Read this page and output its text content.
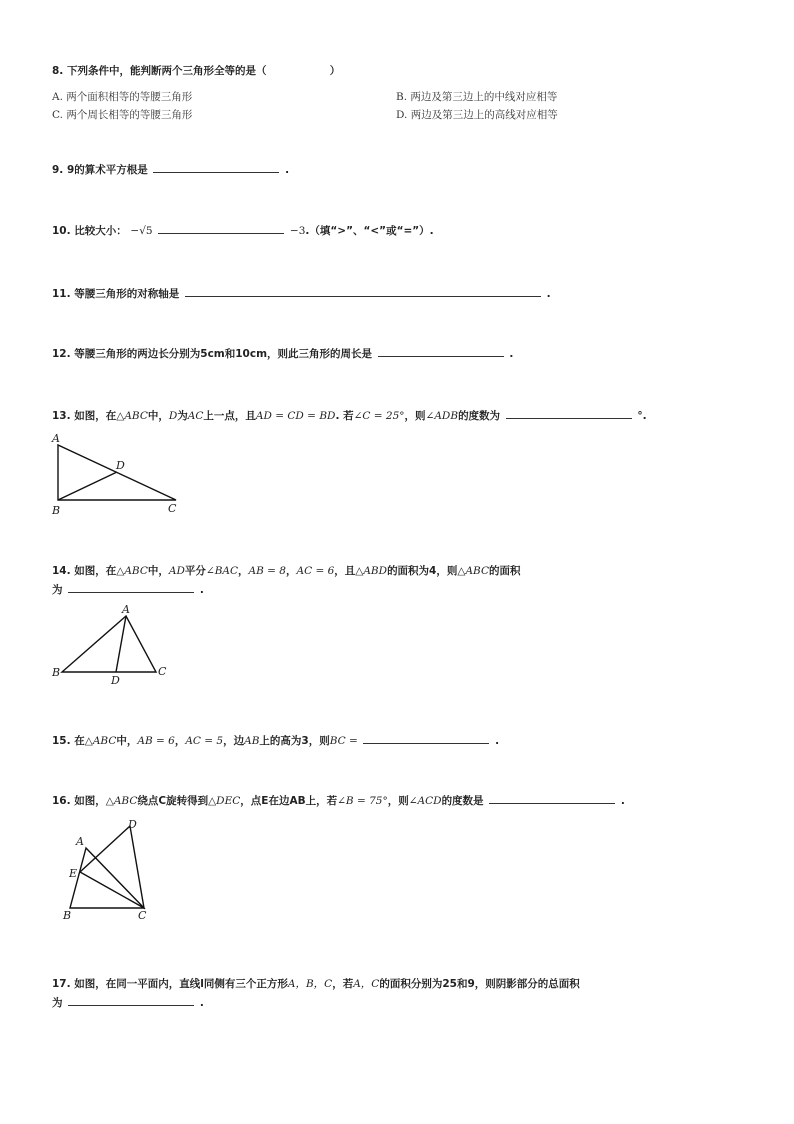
8. 下列条件中，能判断两个三角形全等的是（	）
A. 两个面积相等的等腰三角形	B. 两边及第三边上的中线对应相等
C. 两个周长相等的等腰三角形	D. 两边及第三边上的高线对应相等
9. 9的算术平方根是	.
10. 比较大小： −√5	−3.（填“>”、“<”或“=”）.
11. 等腰三角形的对称轴是	.
12. 等腰三角形的两边长分别为5cm和10cm，则此三角形的周长是	.
13. 如图，在△ABC中，D为AC上一点，且AD = CD = BD. 若∠C = 25°，则∠ADB的度数为	°.
A
D
B	C
14. 如图，在△ABC中，AD平分∠BAC，AB = 8，AC = 6，且△ABD的面积为4，则△ABC的面积
为	.
A
B	C
D
15. 在△ABC中，AB = 6，AC = 5，边AB上的高为3，则BC =	.
16. 如图，△ABC绕点C旋转得到△DEC，点E在边AB上，若∠B = 75°，则∠ACD的度数是	.
A
D
E
B	C
17. 如图，在同一平面内，直线l同侧有三个正方形A，B，C，若A，C的面积分别为25和9，则阴影部分的总面积
为	.
